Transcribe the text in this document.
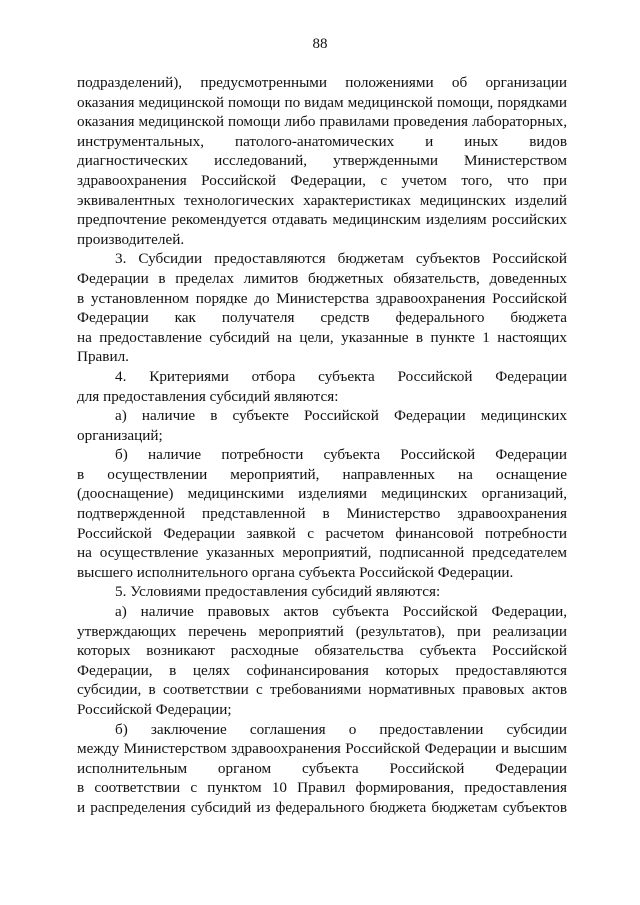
88
подразделений), предусмотренными положениями об организации
оказания медицинской помощи по видам медицинской помощи, порядками
оказания медицинской помощи либо правилами проведения лабораторных,
инструментальных, патолого-анатомических и иных видов
диагностических исследований, утвержденными Министерством
здравоохранения Российской Федерации, с учетом того, что при
эквивалентных технологических характеристиках медицинских изделий
предпочтение рекомендуется отдавать медицинским изделиям российских
производителей.
3. Субсидии предоставляются бюджетам субъектов Российской
Федерации в пределах лимитов бюджетных обязательств, доведенных
в установленном порядке до Министерства здравоохранения Российской
Федерации как получателя средств федерального бюджета
на предоставление субсидий на цели, указанные в пункте 1 настоящих
Правил.
4. Критериями отбора субъекта Российской Федерации
для предоставления субсидий являются:
а) наличие в субъекте Российской Федерации медицинских
организаций;
б) наличие потребности субъекта Российской Федерации
в осуществлении мероприятий, направленных на оснащение
(дооснащение) медицинскими изделиями медицинских организаций,
подтвержденной представленной в Министерство здравоохранения
Российской Федерации заявкой с расчетом финансовой потребности
на осуществление указанных мероприятий, подписанной председателем
высшего исполнительного органа субъекта Российской Федерации.
5. Условиями предоставления субсидий являются:
а) наличие правовых актов субъекта Российской Федерации,
утверждающих перечень мероприятий (результатов), при реализации
которых возникают расходные обязательства субъекта Российской
Федерации, в целях софинансирования которых предоставляются
субсидии, в соответствии с требованиями нормативных правовых актов
Российской Федерации;
б) заключение соглашения о предоставлении субсидии
между Министерством здравоохранения Российской Федерации и высшим
исполнительным органом субъекта Российской Федерации
в соответствии с пунктом 10 Правил формирования, предоставления
и распределения субсидий из федерального бюджета бюджетам субъектов
